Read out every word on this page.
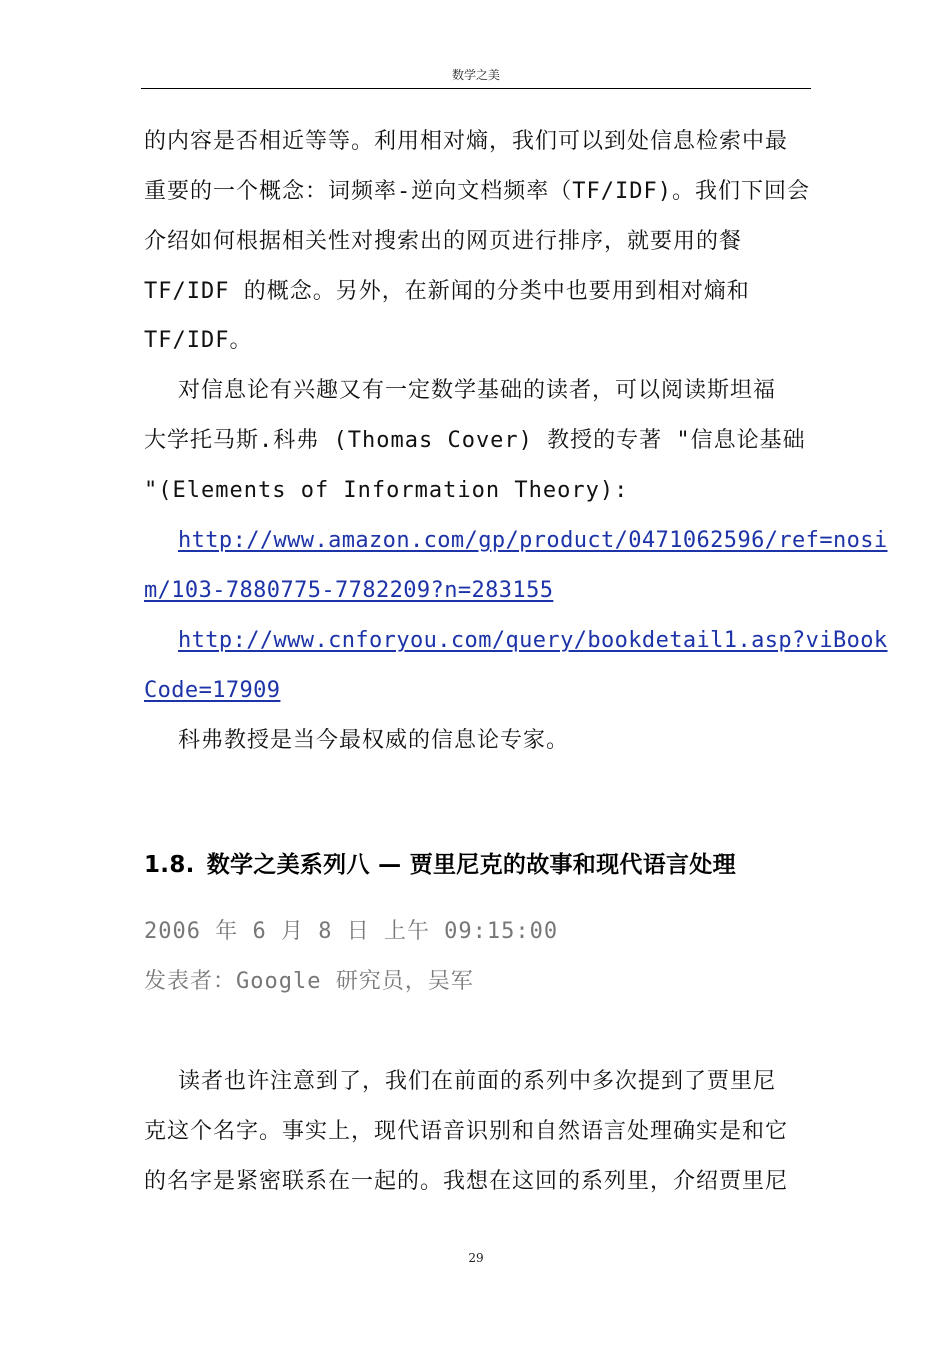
数学之美
的内容是否相近等等。利用相对熵，我们可以到处信息检索中最
重要的一个概念：词频率-逆向文档频率（TF/IDF)。我们下回会
介绍如何根据相关性对搜索出的网页进行排序，就要用的餐
TF/IDF 的概念。另外，在新闻的分类中也要用到相对熵和
TF/IDF。
对信息论有兴趣又有一定数学基础的读者，可以阅读斯坦福
大学托马斯.科弗 (Thomas Cover) 教授的专著 "信息论基础
"(Elements of Information Theory):
http://www.amazon.com/gp/product/0471062596/ref=nosi
m/103-7880775-7782209?n=283155
http://www.cnforyou.com/query/bookdetail1.asp?viBook
Code=17909
科弗教授是当今最权威的信息论专家。
1.8. 数学之美系列八 — 贾里尼克的故事和现代语言处理
2006 年 6 月 8 日 上午 09:15:00
发表者：Google 研究员，吴军
读者也许注意到了，我们在前面的系列中多次提到了贾里尼
克这个名字。事实上，现代语音识别和自然语言处理确实是和它
的名字是紧密联系在一起的。我想在这回的系列里，介绍贾里尼
29
